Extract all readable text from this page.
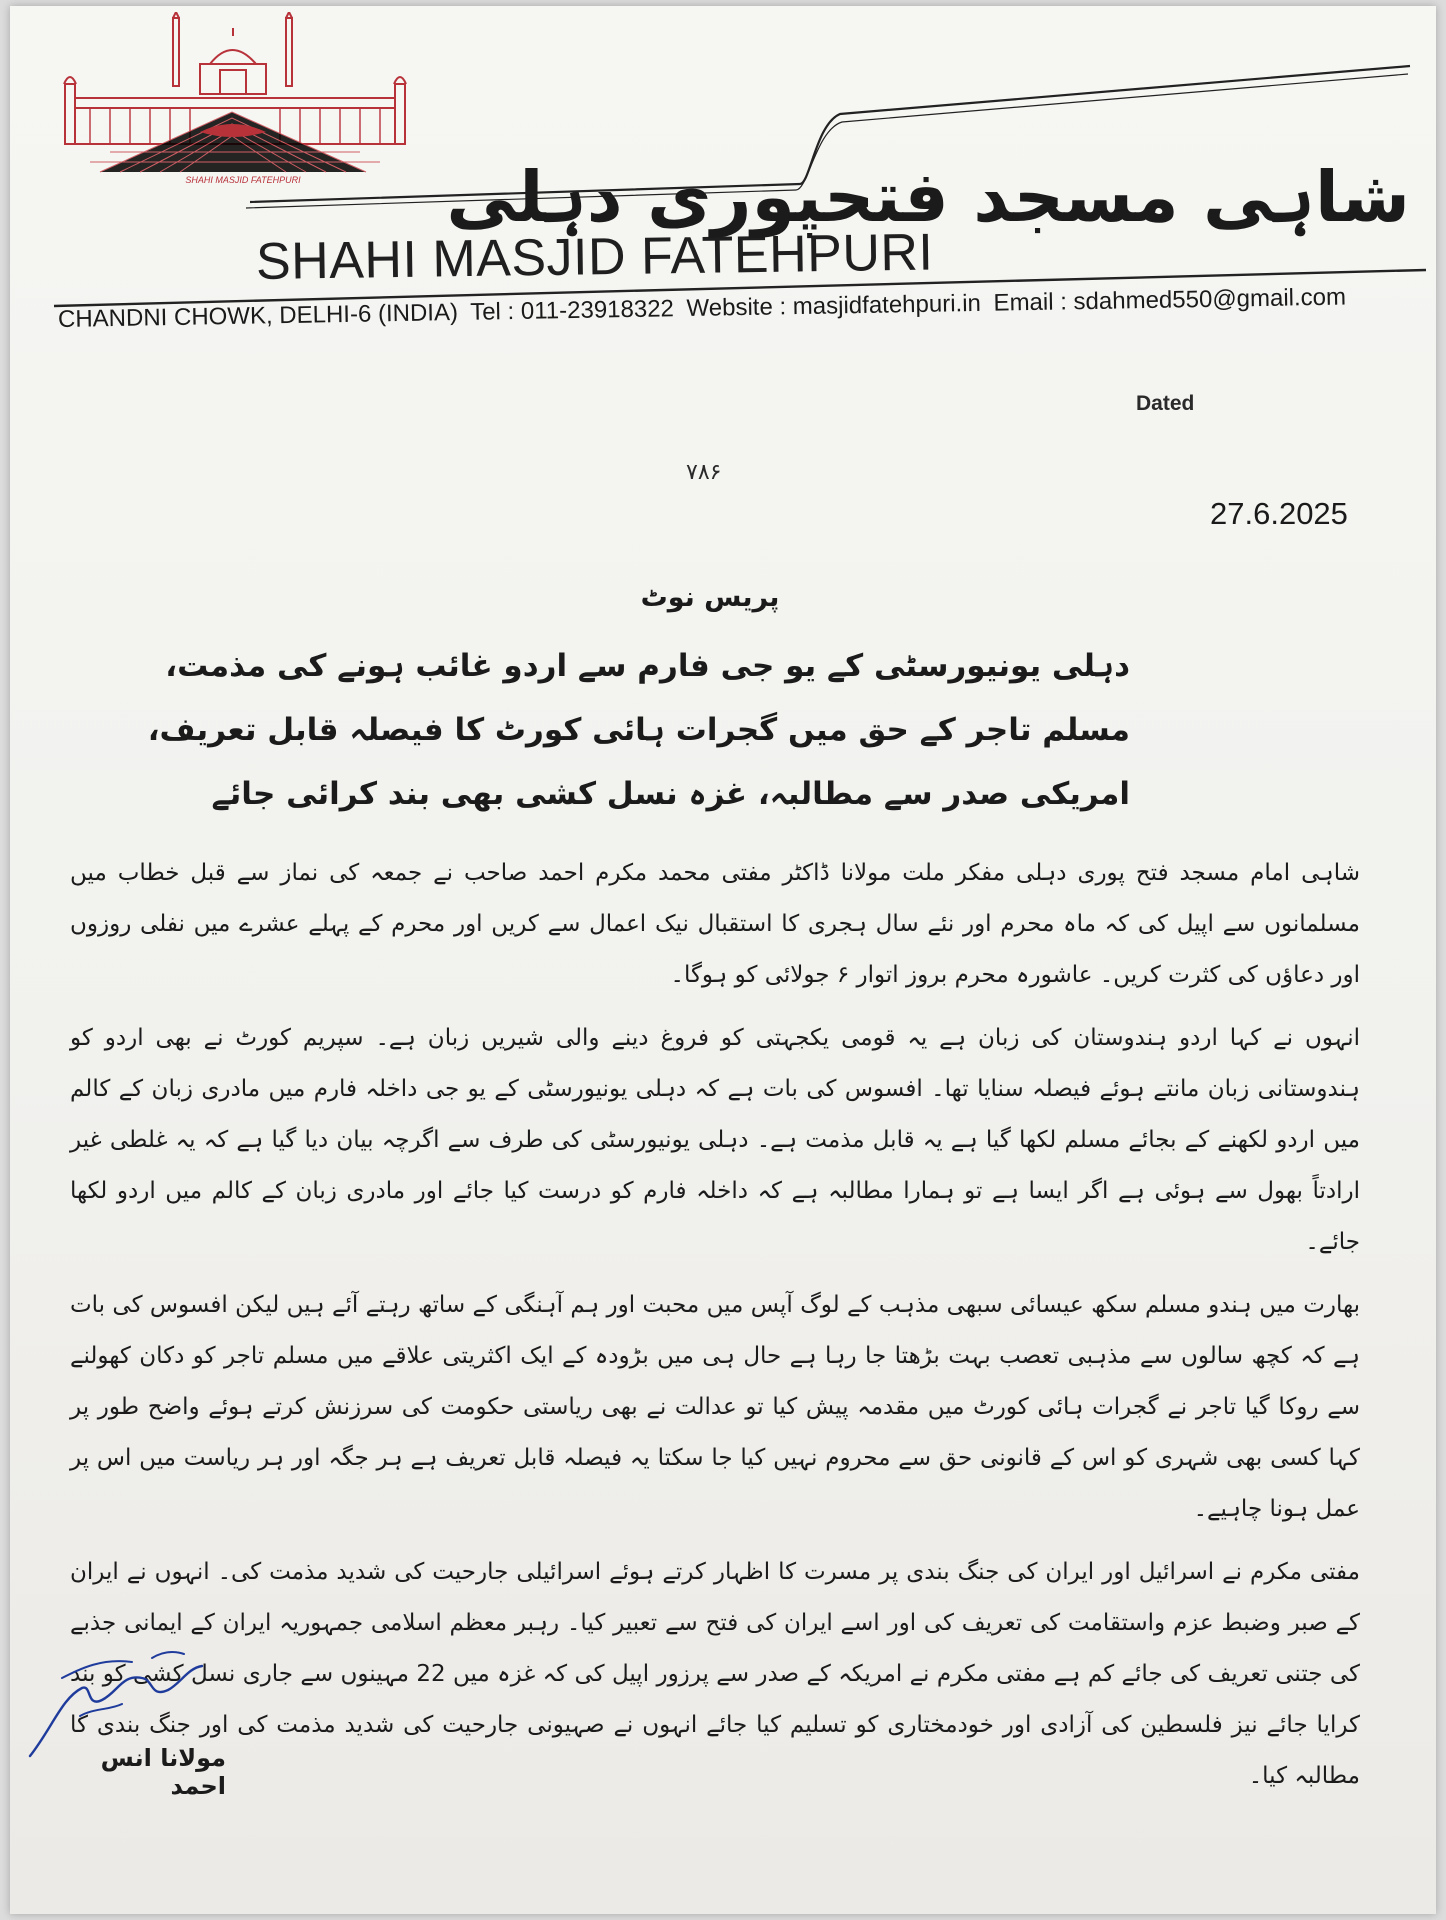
SHAHI MASJID FATEHPURI
SHAHI MASJID FATEHPURI
شاہی مسجد فتحپوری دہلی
CHANDNI CHOWK, DELHI-6 (INDIA) Tel : 011-23918322 Website : masjidfatehpuri.in Email : sdahmed550@gmail.com
Dated
۷۸۶
27.6.2025
پریس نوٹ
دہلی یونیورسٹی کے یو جی فارم سے اردو غائب ہونے کی مذمت،
مسلم تاجر کے حق میں گجرات ہائی کورٹ کا فیصلہ قابل تعریف،
امریکی صدر سے مطالبہ، غزہ نسل کشی بھی بند کرائی جائے

شاہی امام مسجد فتح پوری دہلی مفکر ملت مولانا ڈاکٹر مفتی محمد مکرم احمد صاحب نے جمعہ کی نماز سے قبل خطاب میں مسلمانوں سے اپیل کی کہ ماہ محرم اور نئے سال ہجری کا استقبال نیک اعمال سے کریں اور محرم کے پہلے عشرے میں نفلی روزوں اور دعاؤں کی کثرت کریں۔ عاشورہ محرم بروز اتوار ۶ جولائی کو ہوگا۔

انہوں نے کہا اردو ہندوستان کی زبان ہے یہ قومی یکجہتی کو فروغ دینے والی شیریں زبان ہے۔ سپریم کورٹ نے بھی اردو کو ہندوستانی زبان مانتے ہوئے فیصلہ سنایا تھا۔ افسوس کی بات ہے کہ دہلی یونیورسٹی کے یو جی داخلہ فارم میں مادری زبان کے کالم میں اردو لکھنے کے بجائے مسلم لکھا گیا ہے یہ قابل مذمت ہے۔ دہلی یونیورسٹی کی طرف سے اگرچہ بیان دیا گیا ہے کہ یہ غلطی غیر ارادتاً بھول سے ہوئی ہے اگر ایسا ہے تو ہمارا مطالبہ ہے کہ داخلہ فارم کو درست کیا جائے اور مادری زبان کے کالم میں اردو لکھا جائے۔

بھارت میں ہندو مسلم سکھ عیسائی سبھی مذہب کے لوگ آپس میں محبت اور ہم آہنگی کے ساتھ رہتے آئے ہیں لیکن افسوس کی بات ہے کہ کچھ سالوں سے مذہبی تعصب بہت بڑھتا جا رہا ہے حال ہی میں بڑودہ کے ایک اکثریتی علاقے میں مسلم تاجر کو دکان کھولنے سے روکا گیا تاجر نے گجرات ہائی کورٹ میں مقدمہ پیش کیا تو عدالت نے بھی ریاستی حکومت کی سرزنش کرتے ہوئے واضح طور پر کہا کسی بھی شہری کو اس کے قانونی حق سے محروم نہیں کیا جا سکتا یہ فیصلہ قابل تعریف ہے ہر جگہ اور ہر ریاست میں اس پر عمل ہونا چاہیے۔

مفتی مکرم نے اسرائیل اور ایران کی جنگ بندی پر مسرت کا اظہار کرتے ہوئے اسرائیلی جارحیت کی شدید مذمت کی۔ انہوں نے ایران کے صبر وضبط عزم واستقامت کی تعریف کی اور اسے ایران کی فتح سے تعبیر کیا۔ رہبر معظم اسلامی جمہوریہ ایران کے ایمانی جذبے کی جتنی تعریف کی جائے کم ہے مفتی مکرم نے امریکہ کے صدر سے پرزور اپیل کی کہ غزہ میں 22 مہینوں سے جاری نسل کشی کو بند کرایا جائے نیز فلسطین کی آزادی اور خودمختاری کو تسلیم کیا جائے انہوں نے صہیونی جارحیت کی شدید مذمت کی اور جنگ بندی کا مطالبہ کیا۔

مولانا انس احمد
